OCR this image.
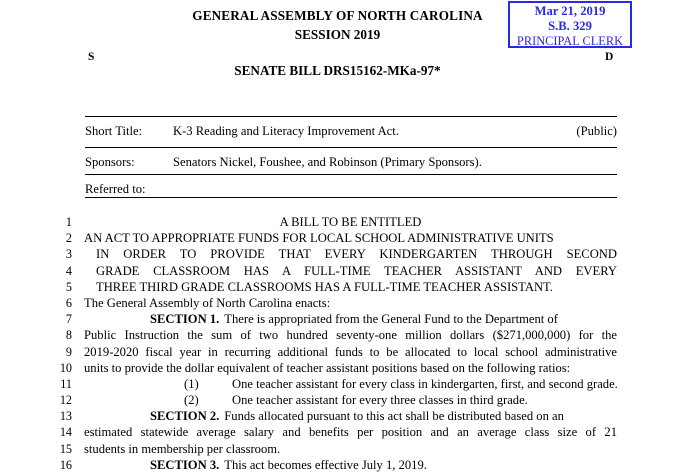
GENERAL ASSEMBLY OF NORTH CAROLINA
SESSION 2019
Mar 21, 2019
S.B. 329
PRINCIPAL CLERK
S	D
SENATE BILL DRS15162-MKa-97*
Short Title:	K-3 Reading and Literacy Improvement Act.	(Public)
Sponsors:	Senators Nickel, Foushee, and Robinson (Primary Sponsors).
Referred to:
1	A BILL TO BE ENTITLED
2 AN ACT TO APPROPRIATE FUNDS FOR LOCAL SCHOOL ADMINISTRATIVE UNITS
3 IN ORDER TO PROVIDE THAT EVERY KINDERGARTEN THROUGH SECOND
4 GRADE CLASSROOM HAS A FULL-TIME TEACHER ASSISTANT AND EVERY
5 THREE THIRD GRADE CLASSROOMS HAS A FULL-TIME TEACHER ASSISTANT.
6 The General Assembly of North Carolina enacts:
7	SECTION 1. There is appropriated from the General Fund to the Department of
8 Public Instruction the sum of two hundred seventy-one million dollars ($271,000,000) for the
9 2019-2020 fiscal year in recurring additional funds to be allocated to local school administrative
10 units to provide the dollar equivalent of teacher assistant positions based on the following ratios:
11	(1)	One teacher assistant for every class in kindergarten, first, and second grade.
12	(2)	One teacher assistant for every three classes in third grade.
13	SECTION 2. Funds allocated pursuant to this act shall be distributed based on an
14 estimated statewide average salary and benefits per position and an average class size of 21
15 students in membership per classroom.
16	SECTION 3. This act becomes effective July 1, 2019.
